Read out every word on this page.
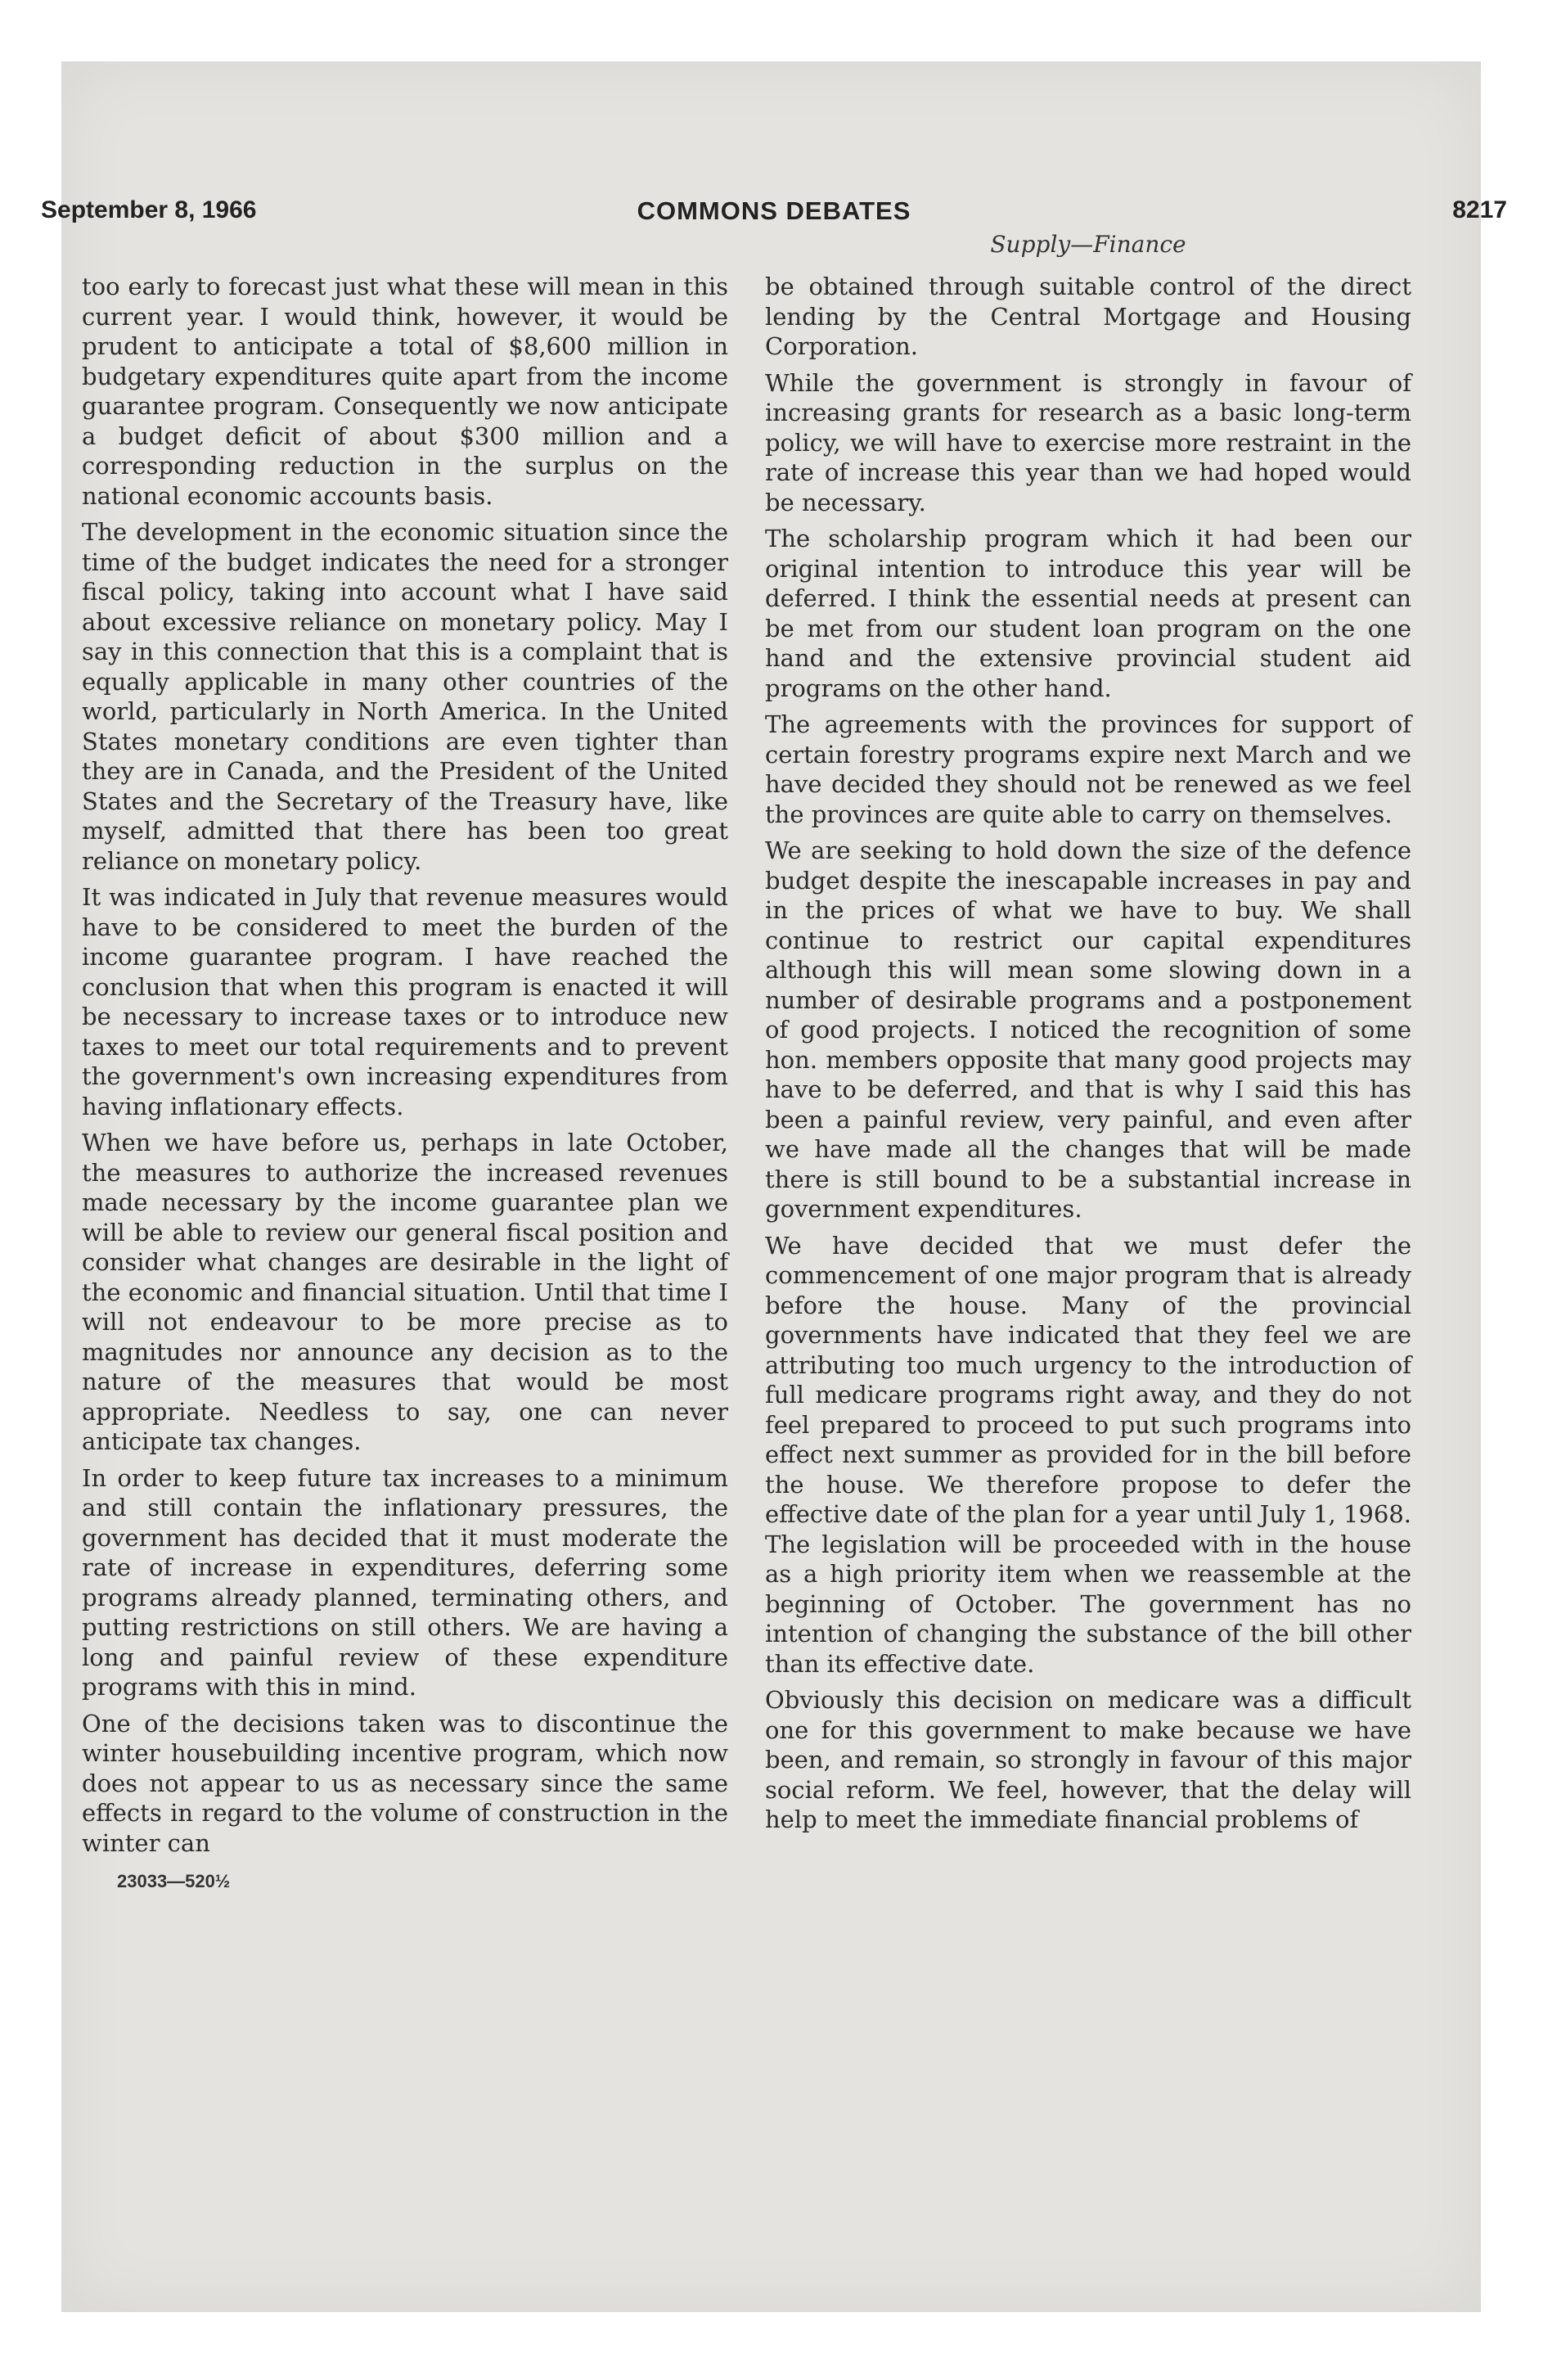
September 8, 1966	COMMONS DEBATES	8217
Supply—Finance

too early to forecast just what these will mean in this current year. I would think, however, it would be prudent to anticipate a total of $8,600 million in budgetary expenditures quite apart from the income guarantee program. Consequently we now anticipate a budget deficit of about $300 million and a corresponding reduction in the surplus on the national economic accounts basis.

The development in the economic situation since the time of the budget indicates the need for a stronger fiscal policy, taking into account what I have said about excessive reliance on monetary policy. May I say in this connection that this is a complaint that is equally applicable in many other countries of the world, particularly in North America. In the United States monetary conditions are even tighter than they are in Canada, and the President of the United States and the Secretary of the Treasury have, like myself, admitted that there has been too great reliance on monetary policy.

It was indicated in July that revenue measures would have to be considered to meet the burden of the income guarantee program. I have reached the conclusion that when this program is enacted it will be necessary to increase taxes or to introduce new taxes to meet our total requirements and to prevent the government's own increasing expenditures from having inflationary effects.

When we have before us, perhaps in late October, the measures to authorize the increased revenues made necessary by the income guarantee plan we will be able to review our general fiscal position and consider what changes are desirable in the light of the economic and financial situation. Until that time I will not endeavour to be more precise as to magnitudes nor announce any decision as to the nature of the measures that would be most appropriate. Needless to say, one can never anticipate tax changes.

In order to keep future tax increases to a minimum and still contain the inflationary pressures, the government has decided that it must moderate the rate of increase in expenditures, deferring some programs already planned, terminating others, and putting restrictions on still others. We are having a long and painful review of these expenditure programs with this in mind.

One of the decisions taken was to discontinue the winter housebuilding incentive program, which now does not appear to us as necessary since the same effects in regard to the volume of construction in the winter can

be obtained through suitable control of the direct lending by the Central Mortgage and Housing Corporation.

While the government is strongly in favour of increasing grants for research as a basic long-term policy, we will have to exercise more restraint in the rate of increase this year than we had hoped would be necessary.

The scholarship program which it had been our original intention to introduce this year will be deferred. I think the essential needs at present can be met from our student loan program on the one hand and the extensive provincial student aid programs on the other hand.

The agreements with the provinces for support of certain forestry programs expire next March and we have decided they should not be renewed as we feel the provinces are quite able to carry on themselves.

We are seeking to hold down the size of the defence budget despite the inescapable increases in pay and in the prices of what we have to buy. We shall continue to restrict our capital expenditures although this will mean some slowing down in a number of desirable programs and a postponement of good projects. I noticed the recognition of some hon. members opposite that many good projects may have to be deferred, and that is why I said this has been a painful review, very painful, and even after we have made all the changes that will be made there is still bound to be a substantial increase in government expenditures.

We have decided that we must defer the commencement of one major program that is already before the house. Many of the provincial governments have indicated that they feel we are attributing too much urgency to the introduction of full medicare programs right away, and they do not feel prepared to proceed to put such programs into effect next summer as provided for in the bill before the house. We therefore propose to defer the effective date of the plan for a year until July 1, 1968. The legislation will be proceeded with in the house as a high priority item when we reassemble at the beginning of October. The government has no intention of changing the substance of the bill other than its effective date.

Obviously this decision on medicare was a difficult one for this government to make because we have been, and remain, so strongly in favour of this major social reform. We feel, however, that the delay will help to meet the immediate financial problems of

23033—520½
